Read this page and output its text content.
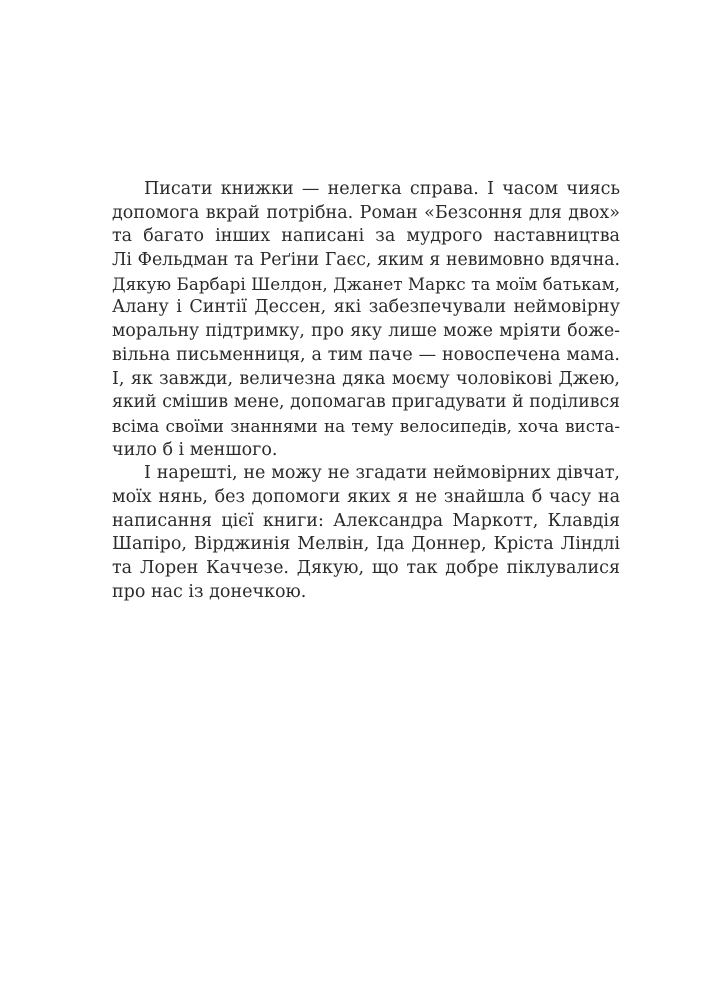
Писати книжки — нелегка справа. І часом чиясь
допомога вкрай потрібна. Роман «Безсоння для двох»
та багато інших написані за мудрого наставництва
Лі Фельдман та Реґіни Гаєс, яким я невимовно вдячна.
Дякую Барбарі Шелдон, Джанет Маркс та моїм батькам,
Алану і Синтії Дессен, які забезпечували неймовірну
моральну підтримку, про яку лише може мріяти боже-
вільна письменниця, а тим паче — новоспечена мама.
І, як завжди, величезна дяка моєму чоловікові Джею,
який смішив мене, допомагав пригадувати й поділився
всіма своїми знаннями на тему велосипедів, хоча виста-
чило б і меншого.
І нарешті, не можу не згадати неймовірних дівчат,
моїх нянь, без допомоги яких я не знайшла б часу на
написання цієї книги: Александра Маркотт, Клавдія
Шапіро, Вірджинія Мелвін, Іда Доннер, Кріста Ліндлі
та Лорен Каччезе. Дякую, що так добре піклувалися
про нас із донечкою.
